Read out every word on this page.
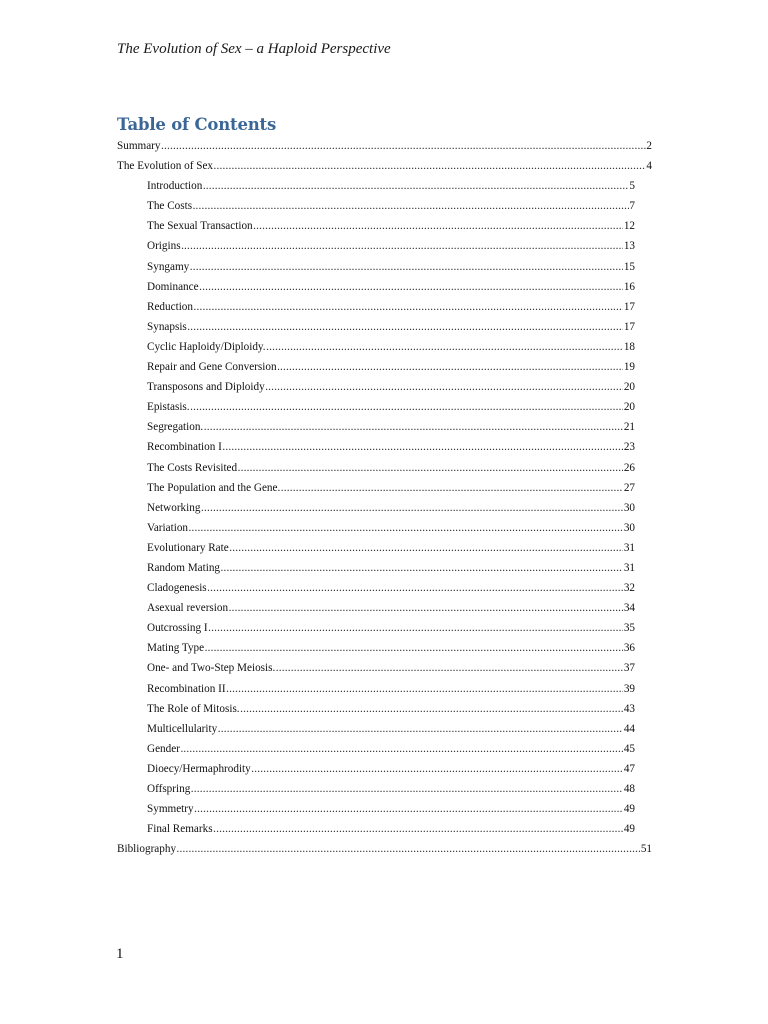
The Evolution of Sex – a Haploid Perspective
Table of Contents
Summary .....	2
The Evolution of Sex .....	4
Introduction .....	5
The Costs .....	7
The Sexual Transaction .....	12
Origins .....	13
Syngamy .....	15
Dominance .....	16
Reduction .....	17
Synapsis .....	17
Cyclic Haploidy/Diploidy. .....	18
Repair and Gene Conversion .....	19
Transposons and Diploidy .....	20
Epistasis. .....	20
Segregation. .....	21
Recombination I .....	23
The Costs Revisited .....	26
The Population and the Gene. .....	27
Networking .....	30
Variation .....	30
Evolutionary Rate .....	31
Random Mating .....	31
Cladogenesis .....	32
Asexual reversion .....	34
Outcrossing I .....	35
Mating Type .....	36
One- and Two-Step Meiosis. .....	37
Recombination II .....	39
The Role of Mitosis. .....	43
Multicellularity .....	44
Gender .....	45
Dioecy/Hermaphrodity .....	47
Offspring .....	48
Symmetry .....	49
Final Remarks .....	49
Bibliography .....	51
1
